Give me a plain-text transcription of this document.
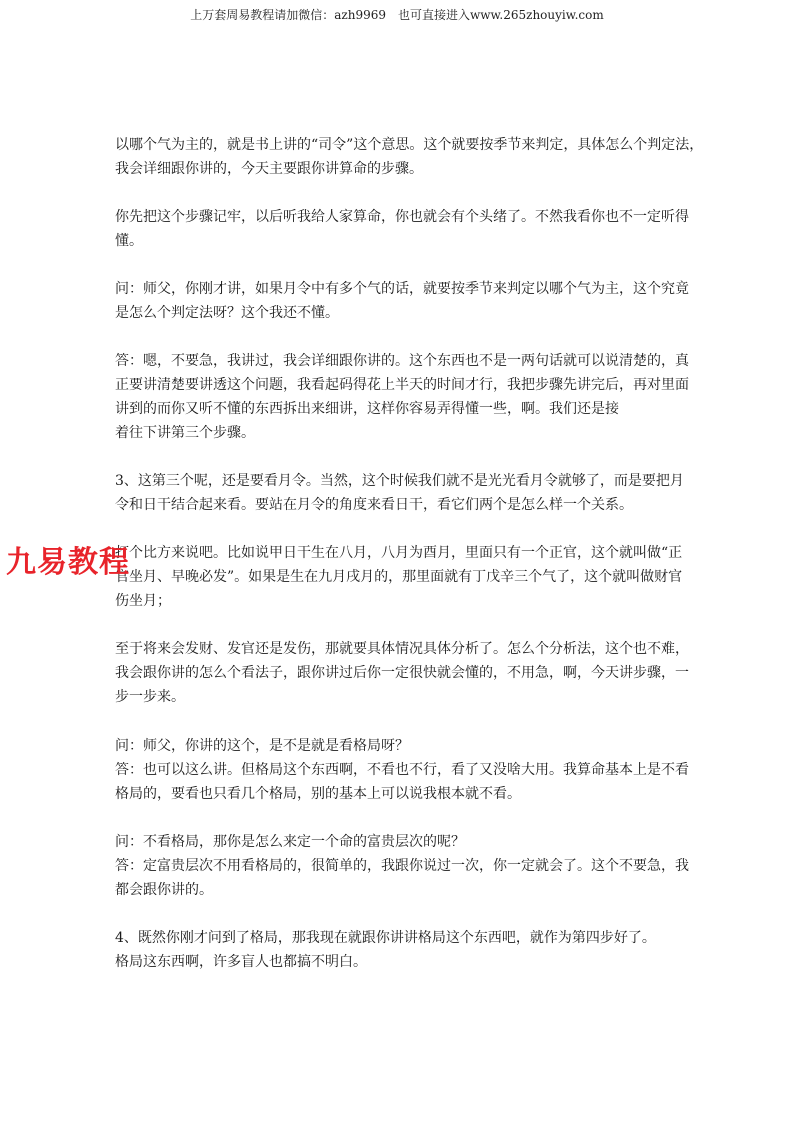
上万套周易教程请加微信：azh9969　也可直接进入www.265zhouyiw.com
以哪个气为主的，就是书上讲的“司令”这个意思。这个就要按季节来判定，具体怎么个判定法，
我会详细跟你讲的，今天主要跟你讲算命的步骤。
你先把这个步骤记牢，以后听我给人家算命，你也就会有个头绪了。不然我看你也不一定听得
懂。
问：师父，你刚才讲，如果月令中有多个气的话，就要按季节来判定以哪个气为主，这个究竟
是怎么个判定法呀？这个我还不懂。
答：嗯，不要急，我讲过，我会详细跟你讲的。这个东西也不是一两句话就可以说清楚的，真
正要讲清楚要讲透这个问题，我看起码得花上半天的时间才行，我把步骤先讲完后，再对里面
讲到的而你又听不懂的东西拆出来细讲，这样你容易弄得懂一些，啊。我们还是接
着往下讲第三个步骤。
3、这第三个呢，还是要看月令。当然，这个时候我们就不是光光看月令就够了，而是要把月
令和日干结合起来看。要站在月令的角度来看日干，看它们两个是怎么样一个关系。
打个比方来说吧。比如说甲日干生在八月，八月为酉月，里面只有一个正官，这个就叫做“正
官坐月、早晚必发”。如果是生在九月戌月的，那里面就有丁戊辛三个气了，这个就叫做财官
伤坐月；
至于将来会发财、发官还是发伤，那就要具体情况具体分析了。怎么个分析法，这个也不难，
我会跟你讲的怎么个看法子，跟你讲过后你一定很快就会懂的，不用急，啊，今天讲步骤，一
步一步来。
问：师父，你讲的这个，是不是就是看格局呀？
答：也可以这么讲。但格局这个东西啊，不看也不行，看了又没啥大用。我算命基本上是不看
格局的，要看也只看几个格局，别的基本上可以说我根本就不看。
问：不看格局，那你是怎么来定一个命的富贵层次的呢？
答：定富贵层次不用看格局的，很简单的，我跟你说过一次，你一定就会了。这个不要急，我
都会跟你讲的。
4、既然你刚才问到了格局，那我现在就跟你讲讲格局这个东西吧，就作为第四步好了。
格局这东西啊，许多盲人也都搞不明白。
九易教程
